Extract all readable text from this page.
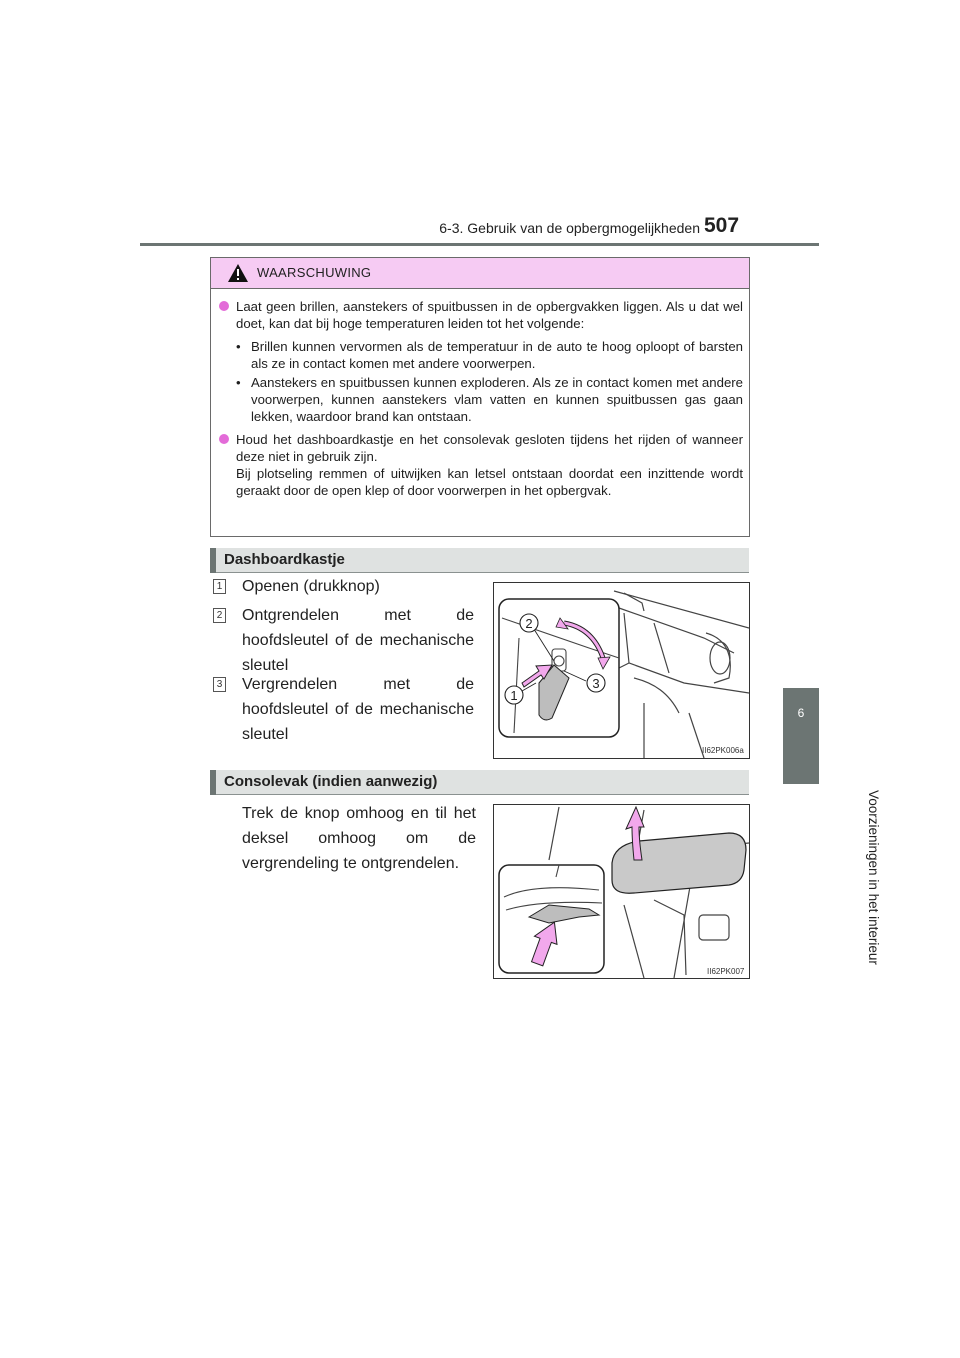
6-3. Gebruik van de opbergmogelijkheden 507
6
Voorzieningen in het interieur
WAARSCHUWING
Laat geen brillen, aanstekers of spuitbussen in de opbergvakken liggen. Als u dat wel doet, kan dat bij hoge temperaturen leiden tot het volgende:
• Brillen kunnen vervormen als de temperatuur in de auto te hoog oploopt of barsten als ze in contact komen met andere voorwerpen.
• Aanstekers en spuitbussen kunnen exploderen. Als ze in contact komen met andere voorwerpen, kunnen aanstekers vlam vatten en kunnen spuitbussen gas gaan lekken, waardoor brand kan ontstaan.
Houd het dashboardkastje en het consolevak gesloten tijdens het rijden of wanneer deze niet in gebruik zijn.
Bij plotseling remmen of uitwijken kan letsel ontstaan doordat een inzittende wordt geraakt door de open klep of door voorwerpen in het opbergvak.
Dashboardkastje
1 Openen (drukknop)
2 Ontgrendelen met de hoofdsleutel of de mechanische sleutel
3 Vergrendelen met de hoofdsleutel of de mechanische sleutel
2
3
1
II62PK006a
Consolevak (indien aanwezig)
Trek de knop omhoog en til het deksel omhoog om de vergrendeling te ontgrendelen.
II62PK007
